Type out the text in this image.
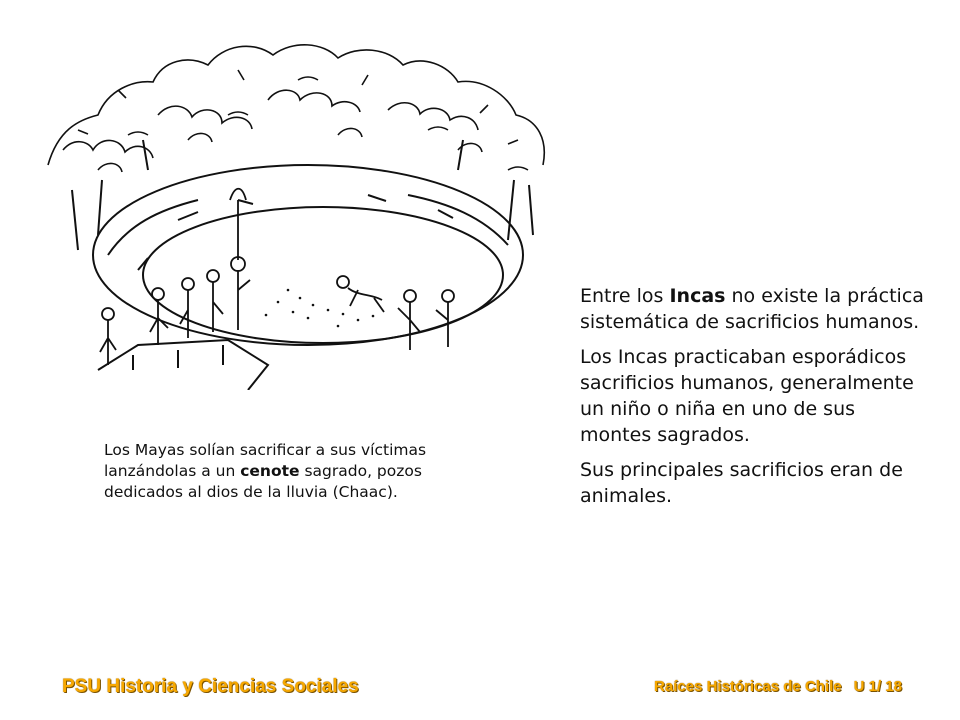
Los Mayas solían sacrificar a sus víctimas lanzándolas a un cenote sagrado, pozos dedicados al dios de la lluvia (Chaac).

Entre los Incas no existe la práctica sistemática de sacrificios humanos.

Los Incas practicaban esporádicos sacrificios humanos, generalmente un niño o niña en uno de sus montes sagrados.

Sus principales sacrificios eran de animales.

PSU Historia y Ciencias Sociales	Raíces Históricas de Chile U 1/ 18
